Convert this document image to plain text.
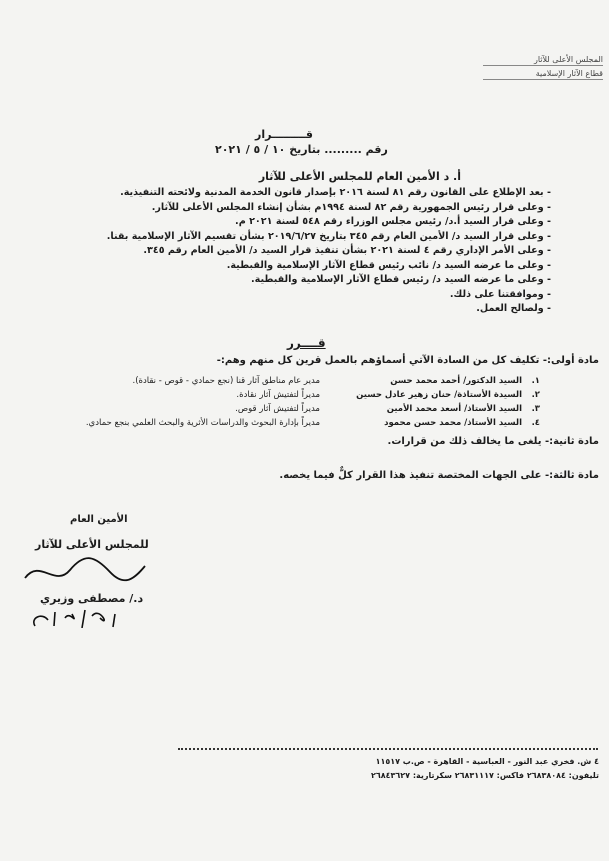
المجلس الأعلى للآثار
قطاع الآثار الإسلامية
قـــــــــرار
رقم ......... بتاريخ ١٠ / ٥ / ٢٠٢١
أ. د الأمين العام للمجلس الأعلى للآثار
- بعد الإطلاع على القانون رقم ٨١ لسنة ٢٠١٦ بإصدار قانون الخدمة المدنية ولائحته التنفيذية.
- وعلى قرار رئيس الجمهورية رقم ٨٢ لسنة ١٩٩٤م بشأن إنشاء المجلس الأعلى للآثار.
- وعلى قرار السيد أ.د/ رئيس مجلس الوزراء رقم ٥٤٨ لسنة ٢٠٢١ م.
- وعلى قرار السيد د/ الأمين العام رقم ٣٤٥ بتاريخ ٢٠١٩/٦/٢٧ بشأن تقسيم الآثار الإسلامية بقنا.
- وعلى الأمر الإداري رقم ٤ لسنة ٢٠٢١ بشأن تنفيذ قرار السيد د/ الأمين العام رقم ٣٤٥.
- وعلى ما عرضه السيد د/ نائب رئيس قطاع الآثار الإسلامية والقبطية.
- وعلى ما عرضه السيد د/ رئيس قطاع الآثار الإسلامية والقبطية.
- وموافقتنا على ذلك.
- ولصالح العمل.
قــــرر
مادة أولى:- تكليف كل من السادة الآتي أسماؤهم بالعمل قرين كل منهم وهم:-
١.
السيد الدكتور/ أحمد محمد حسن
مدير عام مناطق آثار قنا (نجع حمادي - قوص - نقادة).
٢.
السيدة الأستاذة/ حنان زهير عادل حسين
مديراً لتفتيش آثار نقادة.
٣.
السيد الأستاذ/ أسعد محمد الأمين
مديراً لتفتيش آثار قوص.
٤.
السيد الأستاذ/ محمد حسن محمود
مديراً بإدارة البحوث والدراسات الأثرية والبحث العلمي بنجع حمادي.
مادة ثانية:- يلغى ما يخالف ذلك من قرارات.
مادة ثالثة:- على الجهات المختصة تنفيذ هذا القرار كلٌّ فيما يخصه.
الأمين العام
للمجلس الأعلى للآثار
د./ مصطفى وزيري
٤ ش. فخري عبد النور - العباسية - القاهرة - ص.ب ١١٥١٧
تليفون: ٢٦٨٣٨٠٨٤ فاكس: ٢٦٨٣١١١٧ سكرتارية: ٢٦٨٤٣٦٢٧
